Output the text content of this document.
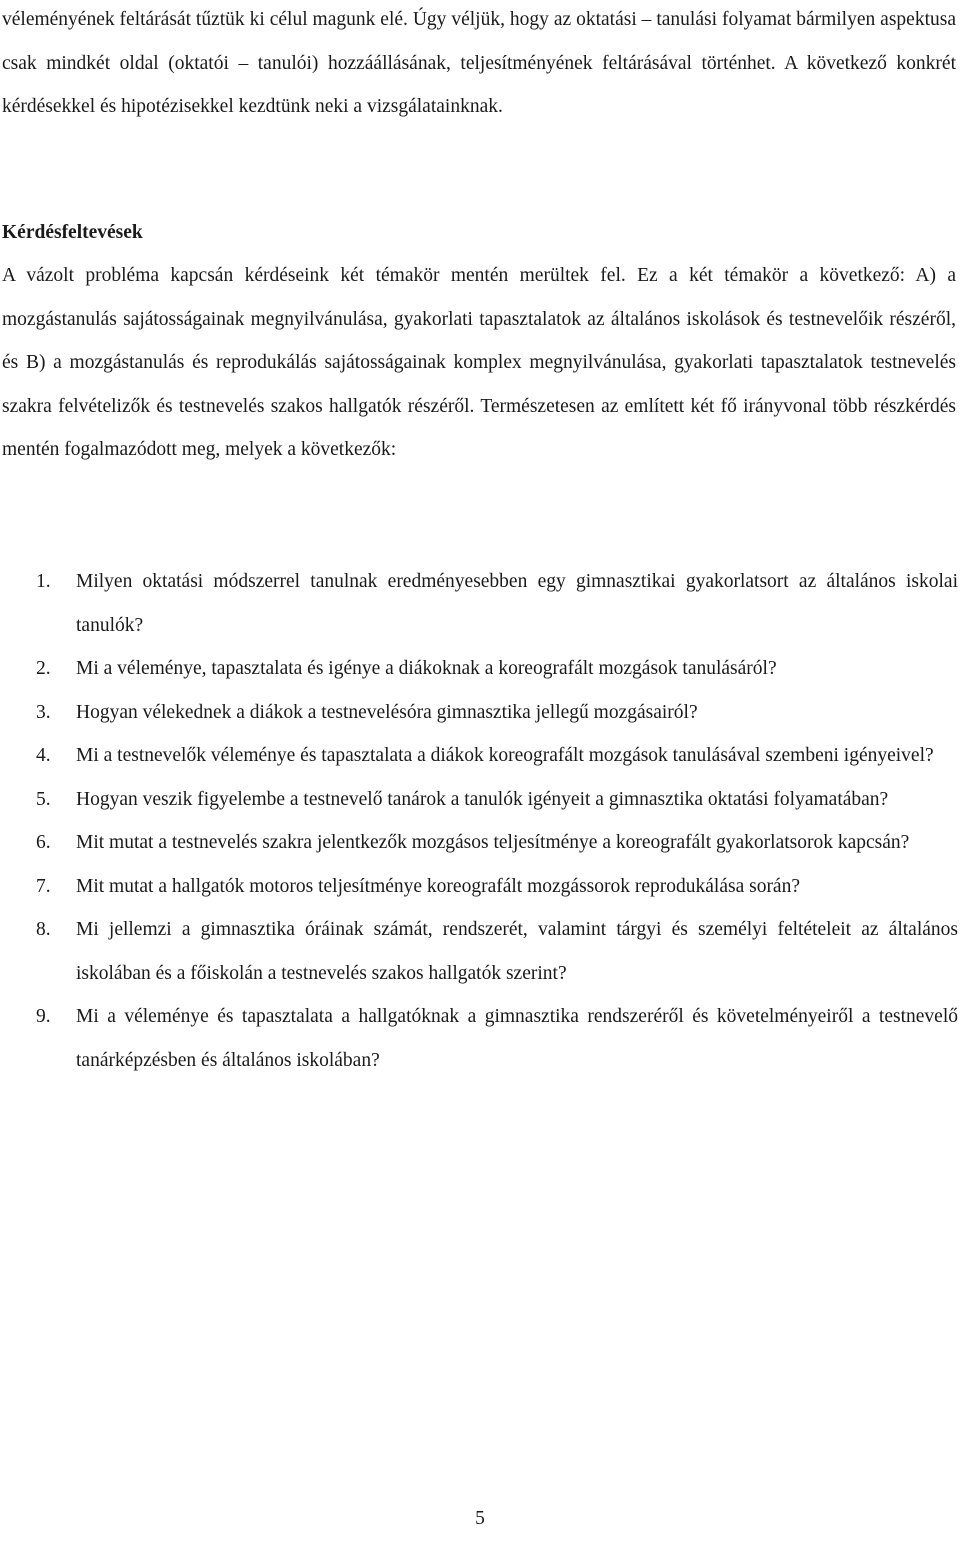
véleményének feltárását tűztük ki célul magunk elé. Úgy véljük, hogy az oktatási – tanulási folyamat bármilyen aspektusa csak mindkét oldal (oktatói – tanulói) hozzáállásának, teljesítményének feltárásával történhet. A következő konkrét kérdésekkel és hipotézisekkel kezdtünk neki a vizsgálatainknak.

Kérdésfeltevések

A vázolt probléma kapcsán kérdéseink két témakör mentén merültek fel. Ez a két témakör a következő: A) a mozgástanulás sajátosságainak megnyilvánulása, gyakorlati tapasztalatok az általános iskolások és testnevelőik részéről, és B) a mozgástanulás és reprodukálás sajátosságainak komplex megnyilvánulása, gyakorlati tapasztalatok testnevelés szakra felvételizők és testnevelés szakos hallgatók részéről. Természetesen az említett két fő irányvonal több részkérdés mentén fogalmazódott meg, melyek a következők:

1.	Milyen oktatási módszerrel tanulnak eredményesebben egy gimnasztikai gyakorlatsort az általános iskolai tanulók?
2.	Mi a véleménye, tapasztalata és igénye a diákoknak a koreografált mozgások tanulásáról?
3.	Hogyan vélekednek a diákok a testnevelésóra gimnasztika jellegű mozgásairól?
4.	Mi a testnevelők véleménye és tapasztalata a diákok koreografált mozgások tanulásával szembeni igényeivel?
5.	Hogyan veszik figyelembe a testnevelő tanárok a tanulók igényeit a gimnasztika oktatási folyamatában?
6.	Mit mutat a testnevelés szakra jelentkezők mozgásos teljesítménye a koreografált gyakorlatsorok kapcsán?
7.	Mit mutat a hallgatók motoros teljesítménye koreografált mozgássorok reprodukálása során?
8.	Mi jellemzi a gimnasztika óráinak számát, rendszerét, valamint tárgyi és személyi feltételeit az általános iskolában és a főiskolán a testnevelés szakos hallgatók szerint?
9.	Mi a véleménye és tapasztalata a hallgatóknak a gimnasztika rendszeréről és követelményeiről a testnevelő tanárképzésben és általános iskolában?
5
